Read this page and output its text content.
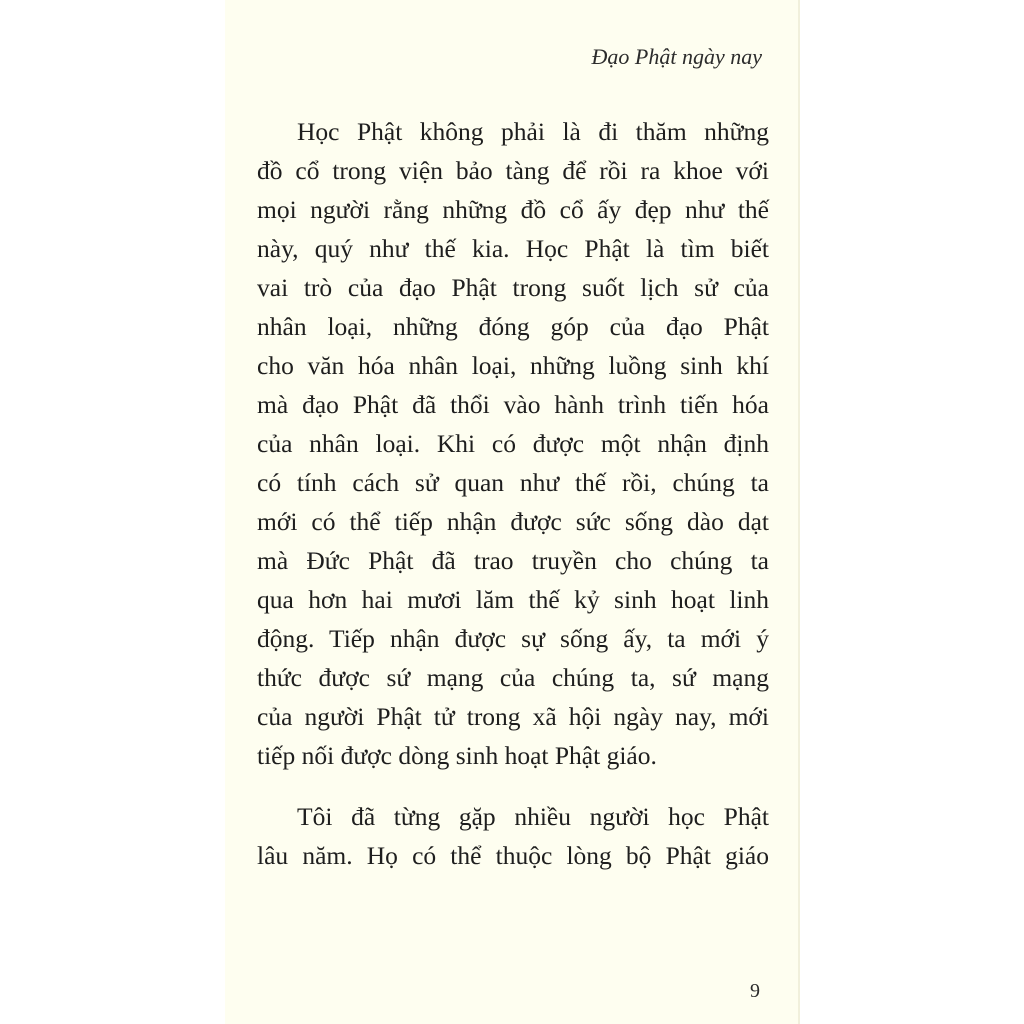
Đạo Phật ngày nay

Học Phật không phải là đi thăm những
đồ cổ trong viện bảo tàng để rồi ra khoe với
mọi người rằng những đồ cổ ấy đẹp như thế
này, quý như thế kia. Học Phật là tìm biết
vai trò của đạo Phật trong suốt lịch sử của
nhân loại, những đóng góp của đạo Phật
cho văn hóa nhân loại, những luồng sinh khí
mà đạo Phật đã thổi vào hành trình tiến hóa
của nhân loại. Khi có được một nhận định
có tính cách sử quan như thế rồi, chúng ta
mới có thể tiếp nhận được sức sống dào dạt
mà Đức Phật đã trao truyền cho chúng ta
qua hơn hai mươi lăm thế kỷ sinh hoạt linh
động. Tiếp nhận được sự sống ấy, ta mới ý
thức được sứ mạng của chúng ta, sứ mạng
của người Phật tử trong xã hội ngày nay, mới
tiếp nối được dòng sinh hoạt Phật giáo.

Tôi đã từng gặp nhiều người học Phật
lâu năm. Họ có thể thuộc lòng bộ Phật giáo

9
